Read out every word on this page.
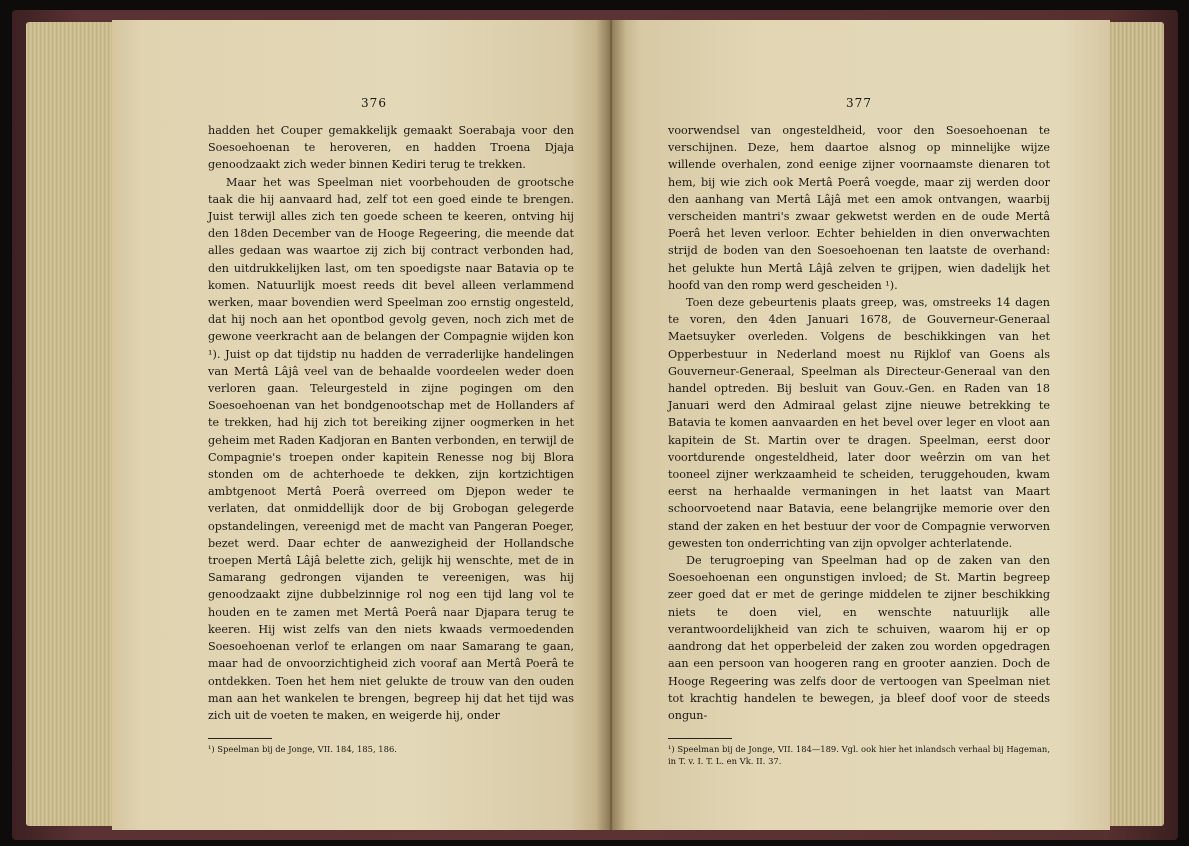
376

hadden het Couper gemakkelijk gemaakt Soerabaja voor den Soesoehoenan te heroveren, en hadden Troena Djaja genoodzaakt zich weder binnen Kediri terug te trekken.

Maar het was Speelman niet voorbehouden de grootsche taak die hij aanvaard had, zelf tot een goed einde te brengen. Juist terwijl alles zich ten goede scheen te keeren, ontving hij den 18den December van de Hooge Regeering, die meende dat alles gedaan was waartoe zij zich bij contract verbonden had, den uitdrukkelijken last, om ten spoedigste naar Batavia op te komen. Natuurlijk moest reeds dit bevel alleen verlammend werken, maar bovendien werd Speelman zoo ernstig ongesteld, dat hij noch aan het opontbod gevolg geven, noch zich met de gewone veerkracht aan de belangen der Compagnie wijden kon ¹). Juist op dat tijdstip nu hadden de verraderlijke handelingen van Mertâ Lâjâ veel van de behaalde voordeelen weder doen verloren gaan. Teleurgesteld in zijne pogingen om den Soesoehoenan van het bondgenootschap met de Hollanders af te trekken, had hij zich tot bereiking zijner oogmerken in het geheim met Raden Kadjoran en Banten verbonden, en terwijl de Compagnie's troepen onder kapitein Renesse nog bij Blora stonden om de achterhoede te dekken, zijn kortzichtigen ambtgenoot Mertâ Poerâ overreed om Djepon weder te verlaten, dat onmiddellijk door de bij Grobogan gelegerde opstandelingen, vereenigd met de macht van Pangeran Poeger, bezet werd. Daar echter de aanwezigheid der Hollandsche troepen Mertâ Lâjâ belette zich, gelijk hij wenschte, met de in Samarang gedrongen vijanden te vereenigen, was hij genoodzaakt zijne dubbelzinnige rol nog een tijd lang vol te houden en te zamen met Mertâ Poerâ naar Djapara terug te keeren. Hij wist zelfs van den niets kwaads vermoedenden Soesoehoenan verlof te erlangen om naar Samarang te gaan, maar had de onvoorzichtigheid zich vooraf aan Mertâ Poerâ te ontdekken. Toen het hem niet gelukte de trouw van den ouden man aan het wankelen te brengen, begreep hij dat het tijd was zich uit de voeten te maken, en weigerde hij, onder

¹) Speelman bij de Jonge, VII. 184, 185, 186.
377

voorwendsel van ongesteldheid, voor den Soesoehoenan te verschijnen. Deze, hem daartoe alsnog op minnelijke wijze willende overhalen, zond eenige zijner voornaamste dienaren tot hem, bij wie zich ook Mertâ Poerâ voegde, maar zij werden door den aanhang van Mertâ Lâjâ met een amok ontvangen, waarbij verscheiden mantri's zwaar gekwetst werden en de oude Mertâ Poerâ het leven verloor. Echter behielden in dien onverwachten strijd de boden van den Soesoehoenan ten laatste de overhand: het gelukte hun Mertâ Lâjâ zelven te grijpen, wien dadelijk het hoofd van den romp werd gescheiden ¹).

Toen deze gebeurtenis plaats greep, was, omstreeks 14 dagen te voren, den 4den Januari 1678, de Gouverneur-Generaal Maetsuyker overleden. Volgens de beschikkingen van het Opperbestuur in Nederland moest nu Rijklof van Goens als Gouverneur-Generaal, Speelman als Directeur-Generaal van den handel optreden. Bij besluit van Gouv.-Gen. en Raden van 18 Januari werd den Admiraal gelast zijne nieuwe betrekking te Batavia te komen aanvaarden en het bevel over leger en vloot aan kapitein de St. Martin over te dragen. Speelman, eerst door voortdurende ongesteldheid, later door weêrzin om van het tooneel zijner werkzaamheid te scheiden, teruggehouden, kwam eerst na herhaalde vermaningen in het laatst van Maart schoorvoetend naar Batavia, eene belangrijke memorie over den stand der zaken en het bestuur der voor de Compagnie verworven gewesten ton onderrichting van zijn opvolger achterlatende.

De terugroeping van Speelman had op de zaken van den Soesoehoenan een ongunstigen invloed; de St. Martin begreep zeer goed dat er met de geringe middelen te zijner beschikking niets te doen viel, en wenschte natuurlijk alle verantwoordelijkheid van zich te schuiven, waarom hij er op aandrong dat het opperbeleid der zaken zou worden opgedragen aan een persoon van hoogeren rang en grooter aanzien. Doch de Hooge Regeering was zelfs door de vertoogen van Speelman niet tot krachtig handelen te bewegen, ja bleef doof voor de steeds ongun-

¹) Speelman bij de Jonge, VII. 184—189. Vgl. ook hier het inlandsch verhaal bij Hageman, in T. v. I. T. L. en Vk. II. 37.
